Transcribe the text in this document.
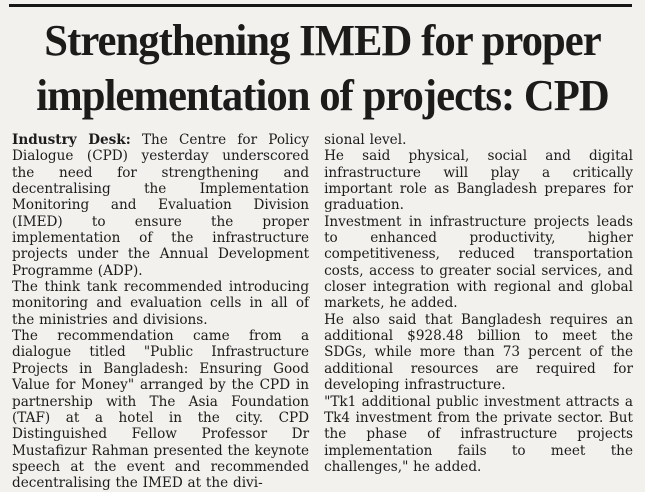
Strengthening IMED for proper
implementation of projects: CPD

Industry Desk: The Centre for Policy Dialogue (CPD) yesterday underscored the need for strengthening and decentralising the Implementation Monitoring and Evaluation Division (IMED) to ensure the proper implementation of the infrastructure projects under the Annual Development Programme (ADP).

The think tank recommended introducing monitoring and evaluation cells in all of the ministries and divisions.

The recommendation came from a dialogue titled "Public Infrastructure Projects in Bangladesh: Ensuring Good Value for Money" arranged by the CPD in partnership with The Asia Foundation (TAF) at a hotel in the city. CPD Distinguished Fellow Professor Dr Mustafizur Rahman presented the keynote speech at the event and recommended decentralising the IMED at the divi-

sional level.

He said physical, social and digital infrastructure will play a critically important role as Bangladesh prepares for graduation.

Investment in infrastructure projects leads to enhanced productivity, higher competitiveness, reduced transportation costs, access to greater social services, and closer integration with regional and global markets, he added.

He also said that Bangladesh requires an additional $928.48 billion to meet the SDGs, while more than 73 percent of the additional resources are required for developing infrastructure.

"Tk1 additional public investment attracts a Tk4 investment from the private sector. But the phase of infrastructure projects implementation fails to meet the challenges," he added.
